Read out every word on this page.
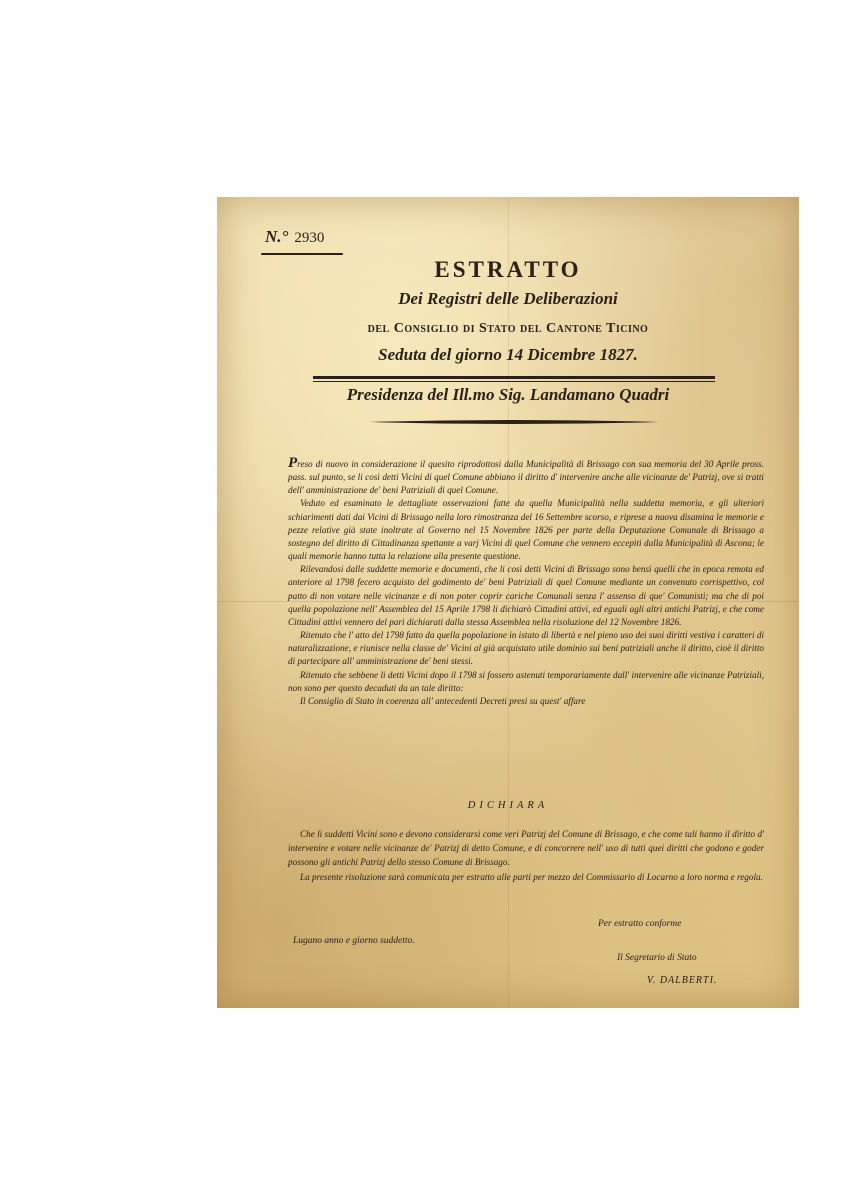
N.° 2930
ESTRATTO
Dei Registri delle Deliberazioni
del Consiglio di Stato del Cantone Ticino
Seduta del giorno 14 Dicembre 1827.
Presidenza del Ill.mo Sig. Landamano Quadri

Preso di nuovo in considerazione il quesito riprodottosi dalla Municipalità di Brissago con sua memoria del 30 Aprile pross. pass. sul punto, se li così detti Vicini di quel Comune abbiano il diritto d' intervenire anche alle vicinanze de' Patrizj, ove si tratti dell' amministrazione de' beni Patriziali di quel Comune.

Veduto ed esaminato le dettagliate osservazioni fatte da quella Municipalità nella suddetta memoria, e gli ulteriori schiarimenti dati dai Vicini di Brissago nella loro rimostranza del 16 Settembre scorso, e riprese a nuova disamina le memorie e pezze relative già state inoltrate al Governo nel 15 Novembre 1826 per parte della Deputazione Comunale di Brissago a sostegno del diritto di Cittadinanza spettante a varj Vicini di quel Comune che vennero eccepiti dalla Municipalità di Ascona; le quali memorie hanno tutta la relazione alla presente questione.

Rilevandosi dalle suddette memorie e documenti, che li così detti Vicini di Brissago sono bensì quelli che in epoca remota ed anteriore al 1798 fecero acquisto del godimento de' beni Patriziali di quel Comune mediante un convenuto corrispettivo, col patto di non votare nelle vicinanze e di non poter coprir cariche Comunali senza l' assenso di que' Comunisti; ma che di poi quella popolazione nell' Assemblea del 15 Aprile 1798 li dichiarò Cittadini attivi, ed eguali agli altri antichi Patrizj, e che come Cittadini attivi vennero del pari dichiarati dalla stessa Assemblea nella risoluzione del 12 Novembre 1826.

Ritenuto che l' atto del 1798 fatto da quella popolazione in istato di libertà e nel pieno uso dei suoi diritti vestiva i caratteri di naturalizzazione, e riunisce nella classe de' Vicini al già acquistato utile dominio sui beni patriziali anche il diritto, cioè il diritto di partecipare all' amministrazione de' beni stessi.

Ritenuto che sebbene li detti Vicini dopo il 1798 si fossero astenuti temporariamente dall' intervenire alle vicinanze Patriziali, non sono per questo decaduti da un tale diritto:

Il Consiglio di Stato in coerenza all' antecedenti Decreti presi su quest' affare

DICHIARA

Che li suddetti Vicini sono e devono considerarsi come veri Patrizj del Comune di Brissago, e che come tali hanno il diritto d' intervenire e votare nelle vicinanze de' Patrizj di detto Comune, e di concorrere nell' uso di tutti quei diritti che godono e goder possono gli antichi Patrizj dello stesso Comune di Brissago.

La presente risoluzione sarà comunicata per estratto alle parti per mezzo del Commissario di Locarno a loro norma e regola.

Per estratto conforme
Lugano anno e giorno suddetto.
Il Segretario di Stato
V. DALBERTI.
